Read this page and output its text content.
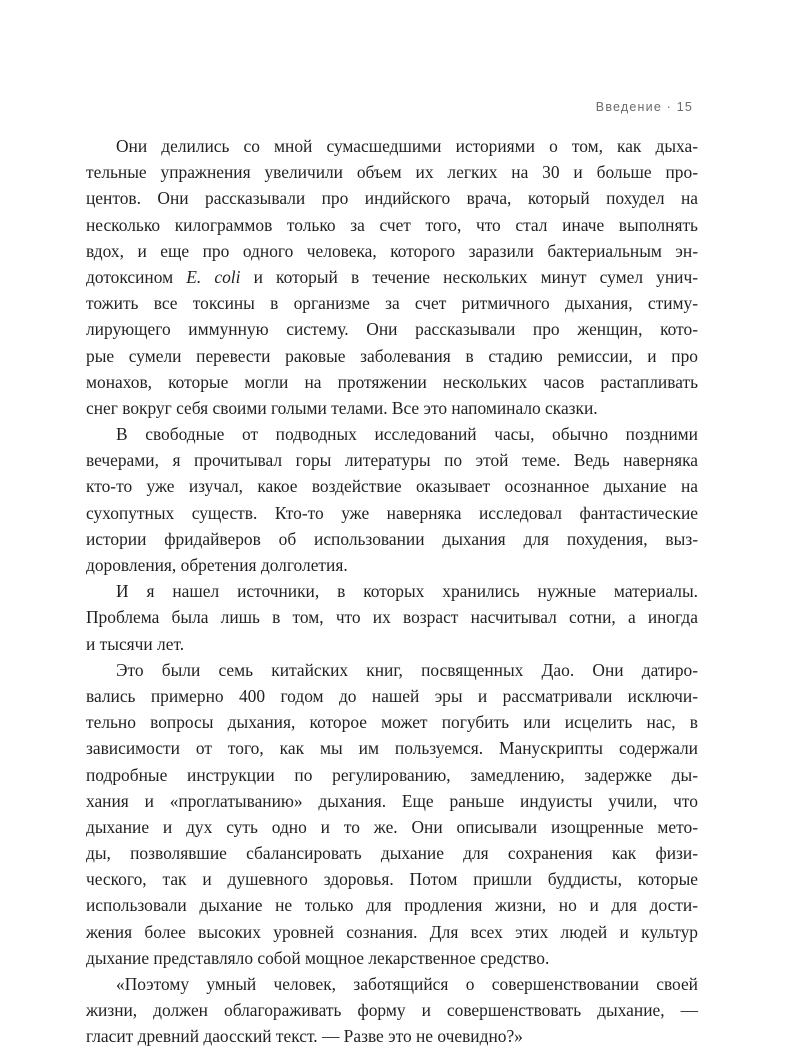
Введение · 15
Они делились со мной сумасшедшими историями о том, как дыха-
тельные упражнения увеличили объем их легких на 30 и больше про-
центов. Они рассказывали про индийского врача, который похудел на
несколько килограммов только за счет того, что стал иначе выполнять
вдох, и еще про одного человека, которого заразили бактериальным эн-
дотоксином E. coli и который в течение нескольких минут сумел унич-
тожить все токсины в организме за счет ритмичного дыхания, стиму-
лирующего иммунную систему. Они рассказывали про женщин, кото-
рые сумели перевести раковые заболевания в стадию ремиссии, и про
монахов, которые могли на протяжении нескольких часов растапливать
снег вокруг себя своими голыми телами. Все это напоминало сказки.
В свободные от подводных исследований часы, обычно поздними
вечерами, я прочитывал горы литературы по этой теме. Ведь наверняка
кто-то уже изучал, какое воздействие оказывает осознанное дыхание на
сухопутных существ. Кто-то уже наверняка исследовал фантастические
истории фридайверов об использовании дыхания для похудения, выз-
доровления, обретения долголетия.
И я нашел источники, в которых хранились нужные материалы.
Проблема была лишь в том, что их возраст насчитывал сотни, а иногда
и тысячи лет.
Это были семь китайских книг, посвященных Дао. Они датиро-
вались примерно 400 годом до нашей эры и рассматривали исключи-
тельно вопросы дыхания, которое может погубить или исцелить нас, в
зависимости от того, как мы им пользуемся. Манускрипты содержали
подробные инструкции по регулированию, замедлению, задержке ды-
хания и «проглатыванию» дыхания. Еще раньше индуисты учили, что
дыхание и дух суть одно и то же. Они описывали изощренные мето-
ды, позволявшие сбалансировать дыхание для сохранения как физи-
ческого, так и душевного здоровья. Потом пришли буддисты, которые
использовали дыхание не только для продления жизни, но и для дости-
жения более высоких уровней сознания. Для всех этих людей и культур
дыхание представляло собой мощное лекарственное средство.
«Поэтому умный человек, заботящийся о совершенствовании своей
жизни, должен облагораживать форму и совершенствовать дыхание, —
гласит древний даосский текст. — Разве это не очевидно?»
